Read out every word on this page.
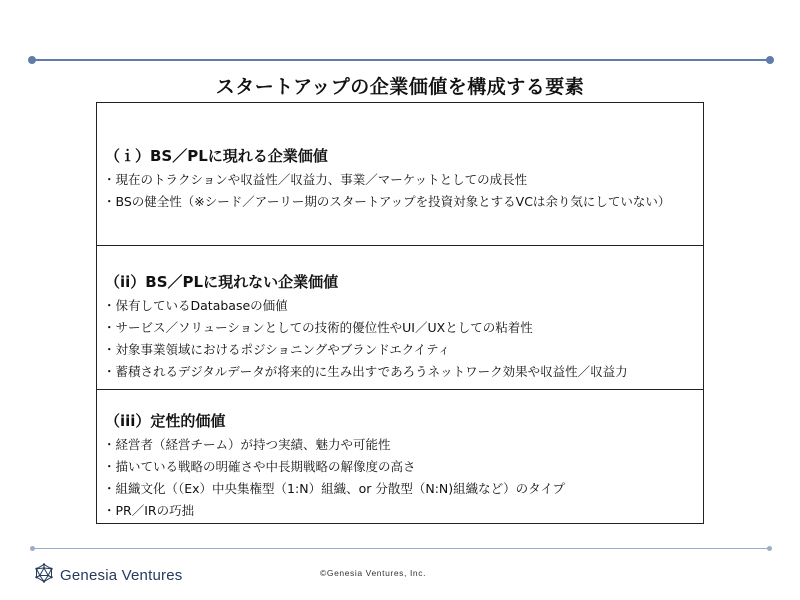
スタートアップの企業価値を構成する要素
（ｉ）BS／PLに現れる企業価値
・ 現在のトラクションや収益性／収益力、事業／マーケットとしての成長性
・ BSの健全性（※シード／アーリー期のスタートアップを投資対象とするVCは余り気にしていない）
（ii）BS／PLに現れない企業価値
・ 保有しているDatabaseの価値
・ サービス／ソリューションとしての技術的優位性やUI／UXとしての粘着性
・ 対象事業領域におけるポジショニングやブランドエクイティ
・ 蓄積されるデジタルデータが将来的に生み出すであろうネットワーク効果や収益性／収益力
（iii）定性的価値
・ 経営者（経営チーム）が持つ実績、魅力や可能性
・ 描いている戦略の明確さや中長期戦略の解像度の高さ
・ 組織文化（（Ex）中央集権型（1:N）組織、or 分散型（N:N)組織など）のタイプ
・ PR／IRの巧拙
Genesia Ventures	©Genesia Ventures, Inc.
